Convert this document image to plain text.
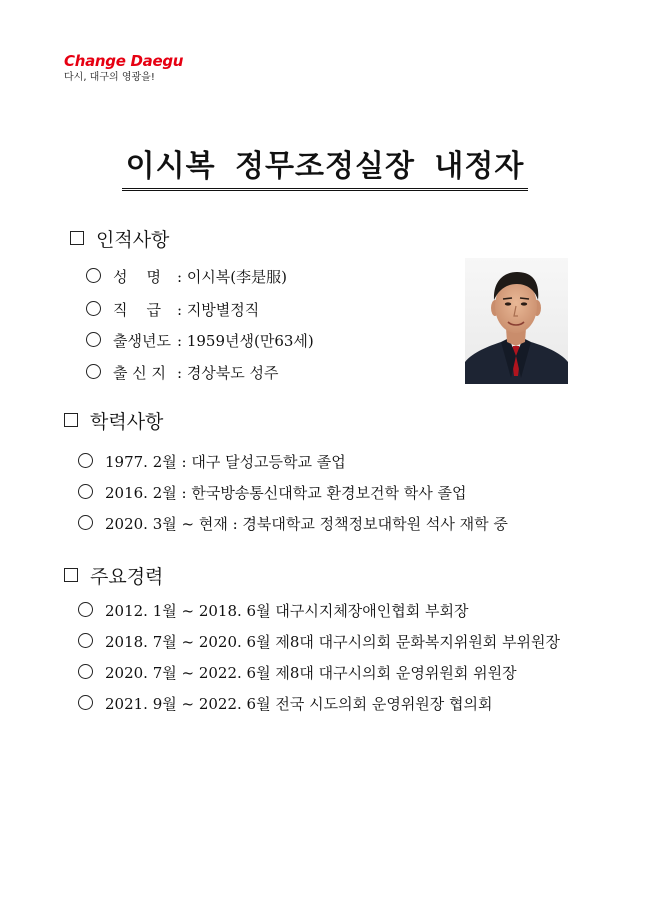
Change Daegu
다시, 대구의 영광을!
이시복 정무조정실장 내정자
인적사항
성    명 : 이시복(李是服)
직    급 : 지방별정직
출생년도 : 1959년생(만63세)
출 신 지 : 경상북도 성주
학력사항
1977. 2월 : 대구 달성고등학교 졸업
2016. 2월 : 한국방송통신대학교 환경보건학 학사 졸업
2020. 3월 ~ 현재 : 경북대학교 정책정보대학원 석사 재학 중
주요경력
2012. 1월 ~ 2018. 6월 대구시지체장애인협회 부회장
2018. 7월 ~ 2020. 6월 제8대 대구시의회 문화복지위원회 부위원장
2020. 7월 ~ 2022. 6월 제8대 대구시의회 운영위원회 위원장
2021. 9월 ~ 2022. 6월 전국 시도의회 운영위원장 협의회
